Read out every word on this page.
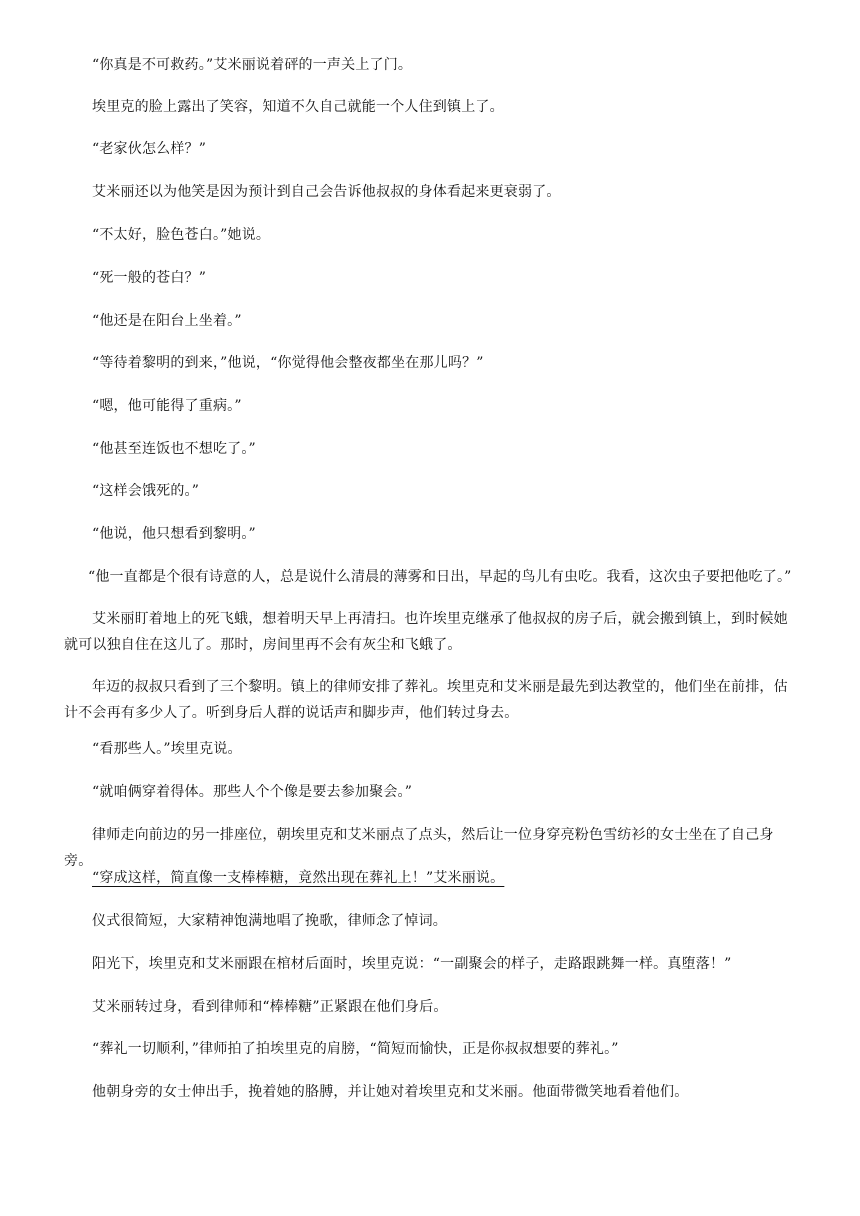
“你真是不可救药。”艾米丽说着砰的一声关上了门。

埃里克的脸上露出了笑容，知道不久自己就能一个人住到镇上了。

“老家伙怎么样？”

艾米丽还以为他笑是因为预计到自己会告诉他叔叔的身体看起来更衰弱了。

“不太好，脸色苍白。”她说。

“死一般的苍白？”

“他还是在阳台上坐着。”

“等待着黎明的到来，”他说，“你觉得他会整夜都坐在那儿吗？”

“嗯，他可能得了重病。”

“他甚至连饭也不想吃了。”

“这样会饿死的。”

“他说，他只想看到黎明。”

“他一直都是个很有诗意的人，总是说什么清晨的薄雾和日出，早起的鸟儿有虫吃。我看，这次虫子要把他吃了。”

艾米丽盯着地上的死飞蛾，想着明天早上再清扫。也许埃里克继承了他叔叔的房子后，就会搬到镇上，到时候她就可以独自住在这儿了。那时，房间里再不会有灰尘和飞蛾了。

年迈的叔叔只看到了三个黎明。镇上的律师安排了葬礼。埃里克和艾米丽是最先到达教堂的，他们坐在前排，估计不会再有多少人了。听到身后人群的说话声和脚步声，他们转过身去。

“看那些人。”埃里克说。

“就咱俩穿着得体。那些人个个像是要去参加聚会。”

律师走向前边的另一排座位，朝埃里克和艾米丽点了点头，然后让一位身穿亮粉色雪纺衫的女士坐在了自己身旁。

“穿成这样，简直像一支棒棒糖，竟然出现在葬礼上！”艾米丽说。

仪式很简短，大家精神饱满地唱了挽歌，律师念了悼词。

阳光下，埃里克和艾米丽跟在棺材后面时，埃里克说：“一副聚会的样子，走路跟跳舞一样。真堕落！”

艾米丽转过身，看到律师和“棒棒糖”正紧跟在他们身后。

“葬礼一切顺利，”律师拍了拍埃里克的肩膀，“简短而愉快，正是你叔叔想要的葬礼。”

他朝身旁的女士伸出手，挽着她的胳膊，并让她对着埃里克和艾米丽。他面带微笑地看着他们。
